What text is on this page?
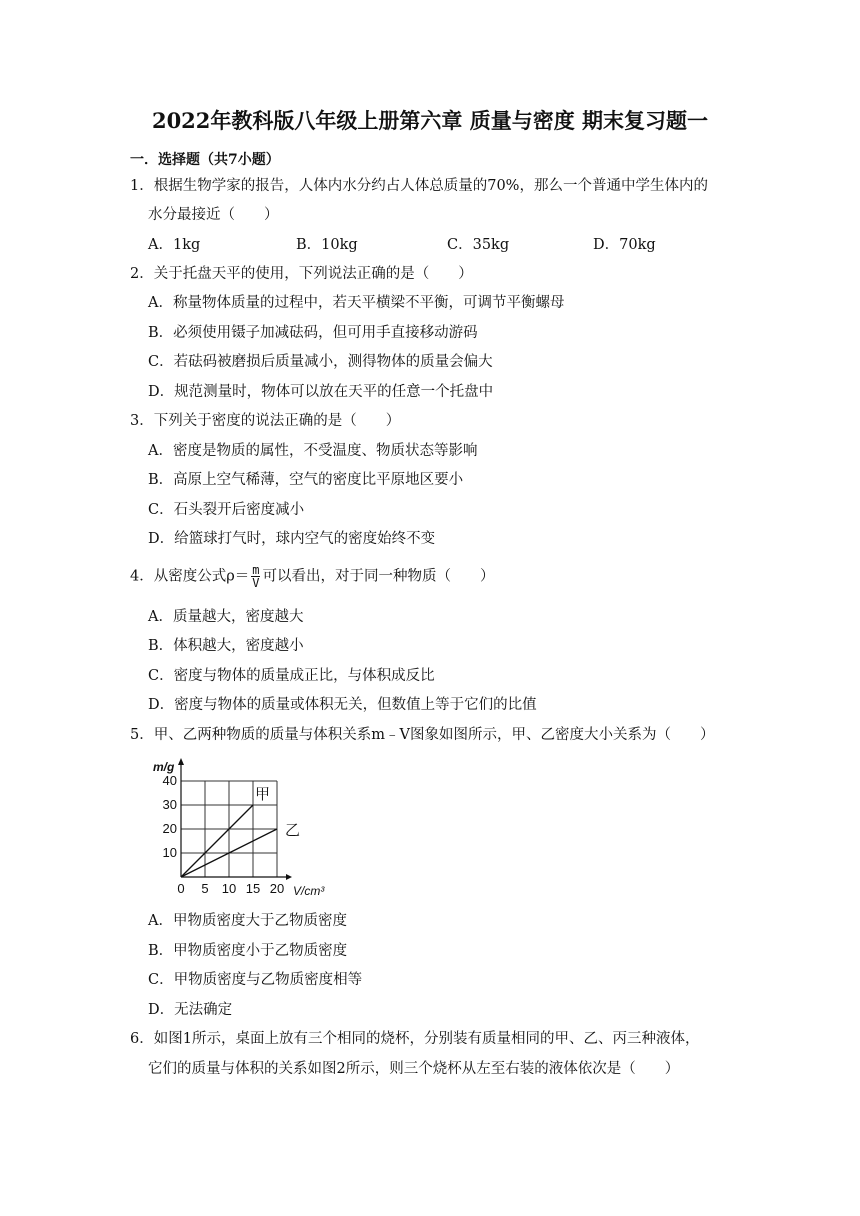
2022年教科版八年级上册第六章 质量与密度 期末复习题一
一．选择题（共7小题）
1．根据生物学家的报告，人体内水分约占人体总质量的70%，那么一个普通中学生体内的
水分最接近（　　）
A．1kg	B．10kg	C．35kg	D．70kg
2．关于托盘天平的使用，下列说法正确的是（　　）
A．称量物体质量的过程中，若天平横梁不平衡，可调节平衡螺母
B．必须使用镊子加减砝码，但可用手直接移动游码
C．若砝码被磨损后质量减小，测得物体的质量会偏大
D．规范测量时，物体可以放在天平的任意一个托盘中
3．下列关于密度的说法正确的是（　　）
A．密度是物质的属性，不受温度、物质状态等影响
B．高原上空气稀薄，空气的密度比平原地区要小
C．石头裂开后密度减小
D．给篮球打气时，球内空气的密度始终不变
4．从密度公式$\rho= \frac{m}{V}$ 可以看出，对于同一种物质（　　）
A．质量越大，密度越大
B．体积越大，密度越小
C．密度与物体的质量成正比，与体积成反比
D．密度与物体的质量或体积无关，但数值上等于它们的比值
5．甲、乙两种物质的质量与体积关系m﹣V图象如图所示，甲、乙密度大小关系为（　　）
0 5 10 15 20
10
20
30
40
m/g
V/cm³
甲
乙
A．甲物质密度大于乙物质密度
B．甲物质密度小于乙物质密度
C．甲物质密度与乙物质密度相等
D．无法确定
6．如图1所示，桌面上放有三个相同的烧杯，分别装有质量相同的甲、乙、丙三种液体，
它们的质量与体积的关系如图2所示，则三个烧杯从左至右装的液体依次是（　　）
